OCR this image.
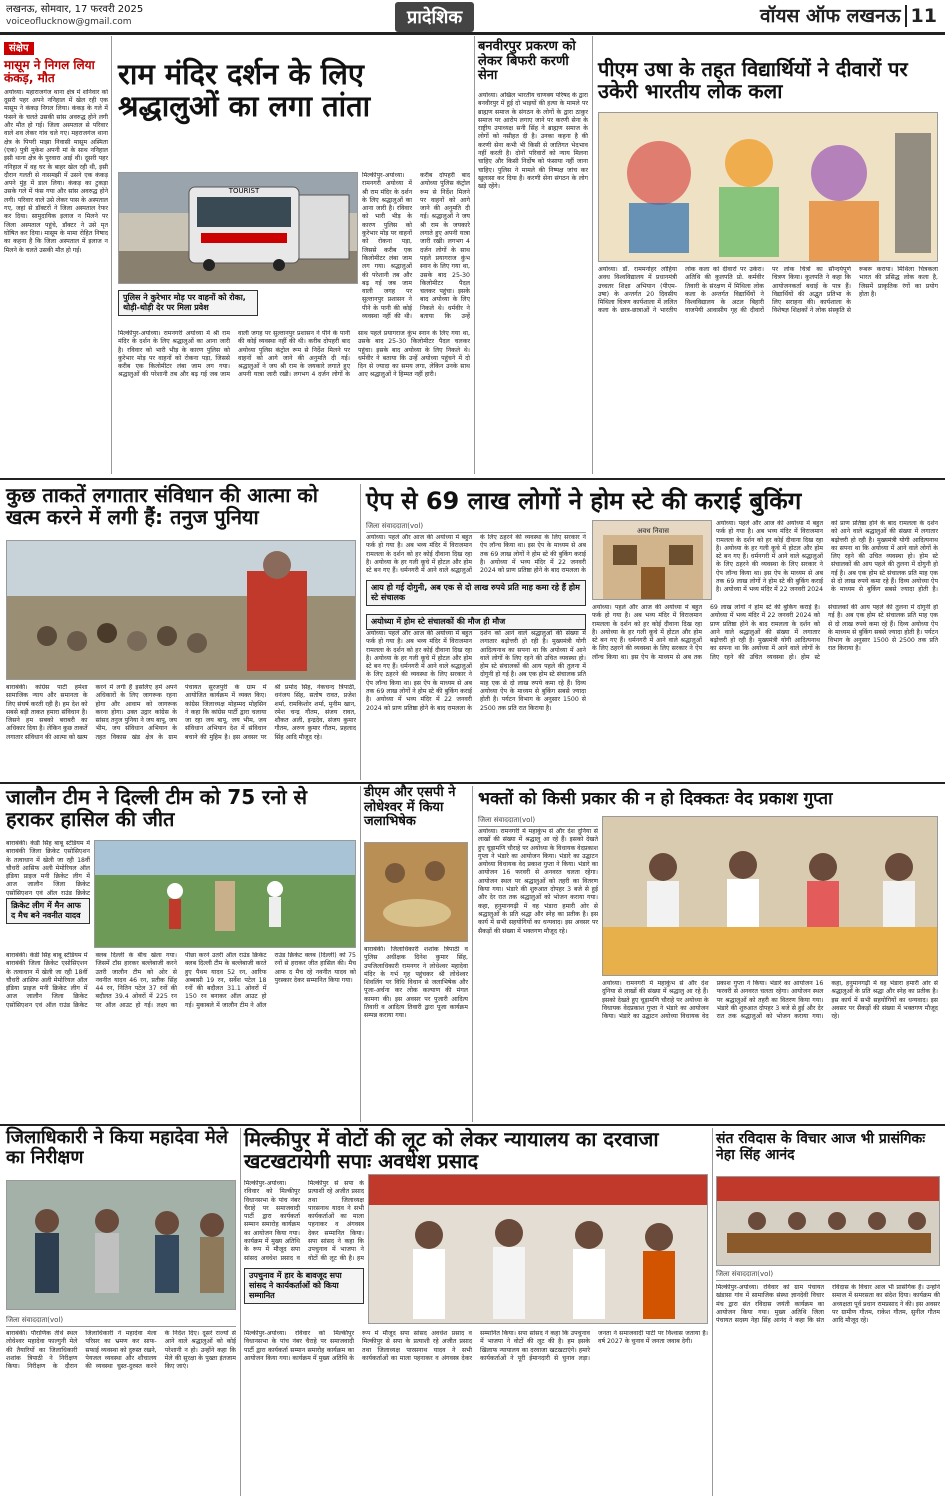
लखनऊ, सोमवार, 17 फरवरी 2025
voiceoflucknow@gmail.com	प्रादेशिक	वॉयस ऑफ लखनऊ 11
संक्षेप
मासूम ने निगल लिया कंकड़, मौत
अयोध्या। महाराजगंज थाना क्षेत्र में शनिवार को दूसरी पहर अपने ननिहाल में खेल रही एक मासूम ने कंकड़ निगल लिया। कंकड़ के गले में फंसने के चलते उसकी सांस अवरुद्ध होने लगी और मौत हो गई। जिला अस्पताल से परिवार वाले शव लेकर गांव चले गए। महराजगंज थाना क्षेत्र के पिपरी माझा निवासी मासूम अस्मिता (एक) पुत्री मुकेश अपनी मां के साथ ननिहाल इसी थाना क्षेत्र के पुरवारा आई थी। दूसरी पहर ननिहाल में वह घर के बाहर खेल रही थी, इसी दौरान गलती से नासमझी में उसने एक कंकड़ अपने मुंह में डाल लिया। कंकड़ का टुकड़ा उसके गले में फंस गया और सांस अवरुद्ध होने लगी। परिवार वाले उसे लेकर पास के अस्पताल गए, जहां से डॉक्टरों ने जिला अस्पताल रेफर कर दिया। सामुदायिक इलाज न मिलने पर जिला अस्पताल पहुंचे, डॉक्टर ने उसे मृत घोषित कर दिया। मासूम के मामा रोहित निषाद का कहना है कि जिला अस्पताल में इलाज न मिलने के चलते उसकी मौत हो गई।
राम मंदिर दर्शन के लिए श्रद्धालुओं का लगा तांता
TOURIST
पुलिस ने कुरेभार मोड़ पर वाहनों को रोका, थोड़ी-थोड़ी देर पर मिला प्रवेश
मिल्कीपुर-अयोध्या। रामनगरी अयोध्या में श्री राम मंदिर के दर्शन के लिए श्रद्धालुओं का आना जारी है। रविवार को भारी भीड़ के कारण पुलिस को कुरेभार मोड़ पर वाहनों को रोकना पड़ा, जिससे करीब एक किलोमीटर लंबा जाम लग गया। श्रद्धालुओं की परेशानी तब और बढ़ गई जब जाम वाली जगह पर सुल्तानपुर प्रशासन ने पीने के पानी की कोई व्यवस्था नहीं की थी। करीब दोपहरी बाद अयोध्या पुलिस कंट्रोल रूम से निर्देश मिलने पर वाहनों को आगे जाने की अनुमति दी गई। श्रद्धालुओं ने जय श्री राम के जयकारे लगाते हुए अपनी यात्रा जारी रखी। लगभग 4 दर्जन लोगों के साथ पहले प्रयागराज कुंभ स्नान के लिए गया था, उसके बाद 25-30 किलोमीटर पैदल चलकर पहुंचा। इसके बाद अयोध्या के लिए निकले थे। धर्मवीर ने बताया कि उन्हें अयोध्या पहुंचने में दो दिन से ज्यादा का समय लगा, लेकिन उनके साथ आए श्रद्धालुओं ने हिम्मत नहीं हारी।
मिल्कीपुर-अयोध्या। रामनगरी अयोध्या में श्री राम मंदिर के दर्शन के लिए श्रद्धालुओं का आना जारी है। रविवार को भारी भीड़ के कारण पुलिस को कुरेभार मोड़ पर वाहनों को रोकना पड़ा, जिससे करीब एक किलोमीटर लंबा जाम लग गया। श्रद्धालुओं की परेशानी तब और बढ़ गई जब जाम वाली जगह पर सुल्तानपुर प्रशासन ने पीने के पानी की कोई व्यवस्था नहीं की थी। करीब दोपहरी बाद अयोध्या पुलिस कंट्रोल रूम से निर्देश मिलने पर वाहनों को आगे जाने की अनुमति दी गई। श्रद्धालुओं ने जय श्री राम के जयकारे लगाते हुए अपनी यात्रा जारी रखी। लगभग 4 दर्जन लोगों के साथ पहले प्रयागराज कुंभ स्नान के लिए गया था, उसके बाद 25-30 किलोमीटर पैदल चलकर पहुंचा। इसके बाद अयोध्या के लिए निकले थे। धर्मवीर ने बताया कि उन्हें
बनवीरपुर प्रकरण को लेकर बिफरी करणी सेना
अयोध्या। अखिल भारतीय चाणक्य परिषद के द्वारा बनवीरपुर में हुई दो भाइयों की हत्या के मामले पर ब्राह्मण समाज के संगठन के लोगों के द्वारा ठाकुर समाज पर आरोप लगाए जाने पर करणी सेना के राष्ट्रीय उपाध्यक्ष सनी सिंह ने ब्राह्मण समाज के लोगों को नसीहत दी है। उनका कहना है की करणी सेना कभी भी किसी से जातिगत भेदभाव नहीं करती है। दोनों परिवारों को न्याय मिलना चाहिए और किसी निर्दोष को फंसाया नहीं जाना चाहिए। पुलिस ने मामले की निष्पक्ष जांच कर खुलासा कर दिया है। करणी सेना संगठन के लोग खड़े रहेंगे।
पीएम उषा के तहत विद्यार्थियों ने दीवारों पर उकेरी भारतीय लोक कला
अयोध्या। डॉ. राममनोहर लोहिया अवध विश्वविद्यालय में प्रधानमंत्री उच्चतर शिक्षा अभियान (पीएम-उषा) के अन्तर्गत 20 दिवसीय मिथिला चित्रण कार्यशाला में ललित कला के छात्र-छात्राओं ने भारतीय लोक कला को दीवारों पर उकेरा। अतिथि की कुलपति प्रो. कर्मवीर तिवारी के संरक्षण में मिथिला लोक कला के अन्तर्गत विद्यार्थियों ने विश्वविद्यालय के अटल बिहारी वाजपेयी आवासीय गृह की दीवारों पर लोक चित्रों का सौन्दर्यपूर्ण चित्रण किया। कुलपति ने कहा कि आयोजनकर्ता बधाई के पात्र हैं। विद्यार्थियों की अद्भुत प्रतिभा के लिए सराहना की। कार्यशाला के विशेषज्ञ शिक्षकों ने लोक संस्कृति से रूबरू कराया। मिथिला चित्रकला भारत की प्रसिद्ध लोक कला है, जिसमें प्राकृतिक रंगों का प्रयोग होता है।
कुछ ताकतें लगातार संविधान की आत्मा को खत्म करने में लगी हैं: तनुज पुनिया
बाराबंकी। कांग्रेस पार्टी हमेशा सामाजिक न्याय और समानता के लिए संघर्ष करती रही है। हम देश को सबसे बड़ी ताकत हमारा संविधान है। जिसने हम सबको बराबरी का अधिकार दिया है। लेकिन कुछ ताकतें लगातार संविधान की आत्मा को खत्म करने में लगी हैं इसलिए हमें अपने अधिकारों के लिए जागरूक रहना होगा और आवाम को जागरूक करना होगा। उक्त उद्गार कांग्रेस के सांसद तनुज पुनिया ने जय बापू, जय भीम, जय संविधान अभियान के तहत विकास खंड क्षेत्र के ग्राम पंचायत सुरजपुरी के ग्राम में आयोजित कार्यक्रम में व्यक्त किए। कांग्रेस जिलाध्यक्ष मोहम्मद मोहसिन ने कहा कि कांग्रेस पार्टी द्वारा चलाया जा रहा जय बापू, जय भीम, जय संविधान अभियान देश में संविधान बचाने की मुहिम है। इस अवसर पर श्री प्रमोद सिंह, नेकचन्द त्रिपाठी, धनंजय सिंह, सतोष रावत, प्रजेश शर्मा, रामकिशोर शर्मा, मुनीम खान, रमेश चन्द्र गौतम, संजय रावत, शौकत अली, इन्द्रदेव, संजय कुमार गौतम, अरुण कुमार गौतम, प्रहलाद सिंह आदि मौजूद रहे।
ऐप से 69 लाख लोगों ने होम स्टे की कराई बुकिंग
जिला संवाददाता(vol)
आय हो गई दोगुनी, अब एक से दो लाख रुपये प्रति माह कमा रहे हैं होम स्टे संचालक
अयोध्या में होम स्टे संचालकों की मौज ही मौज
अयोध्या। पहले और आज की अयोध्या में बहुत फर्क हो गया है। अब भव्य मंदिर में विराजमान रामलला के दर्शन को हर कोई दीवाना दिख रहा है। अयोध्या के हर गली कूचे में होटल और होम स्टे बन गए हैं। धर्मनगरी में आने वाले श्रद्धालुओं के लिए ठहरने की व्यवस्था के लिए सरकार ने ऐप लॉन्च किया था। इस ऐप के माध्यम से अब तक 69 लाख लोगों ने होम स्टे की बुकिंग कराई है। अयोध्या में भव्य मंदिर में 22 जनवरी 2024 को प्राण प्रतिष्ठा होने के बाद रामलला के
अयोध्या। पहले और आज की अयोध्या में बहुत फर्क हो गया है। अब भव्य मंदिर में विराजमान रामलला के दर्शन को हर कोई दीवाना दिख रहा है। अयोध्या के हर गली कूचे में होटल और होम स्टे बन गए हैं। धर्मनगरी में आने वाले श्रद्धालुओं के लिए ठहरने की व्यवस्था के लिए सरकार ने ऐप लॉन्च किया था। इस ऐप के माध्यम से अब तक 69 लाख लोगों ने होम स्टे की बुकिंग कराई है। अयोध्या में भव्य मंदिर में 22 जनवरी 2024 को प्राण प्रतिष्ठा होने के बाद रामलला के दर्शन को आने वाले श्रद्धालुओं की संख्या में लगातार बढ़ोत्तरी हो रही है। मुख्यमंत्री योगी आदित्यनाथ का सपना था कि अयोध्या में आने वाले लोगों के लिए रहने की उचित व्यवस्था हो। होम स्टे संचालकों की आय पहले की तुलना में दोगुनी हो गई है। अब एक होम स्टे संचालक प्रति माह एक से दो लाख रुपये कमा रहे हैं। दिव्य अयोध्या ऐप के माध्यम से बुकिंग सबसे ज्यादा होती है। पर्यटन विभाग के अनुसार 1500 से 2500 तक प्रति रात किराया है।
अवध निवास
अयोध्या। पहले और आज की अयोध्या में बहुत फर्क हो गया है। अब भव्य मंदिर में विराजमान रामलला के दर्शन को हर कोई दीवाना दिख रहा है। अयोध्या के हर गली कूचे में होटल और होम स्टे बन गए हैं। धर्मनगरी में आने वाले श्रद्धालुओं के लिए ठहरने की व्यवस्था के लिए सरकार ने ऐप लॉन्च किया था। इस ऐप के माध्यम से अब तक 69 लाख लोगों ने होम स्टे की बुकिंग कराई है। अयोध्या में भव्य मंदिर में 22 जनवरी 2024 को प्राण प्रतिष्ठा होने के बाद रामलला के दर्शन को आने वाले श्रद्धालुओं की संख्या में लगातार बढ़ोत्तरी हो रही है। मुख्यमंत्री योगी आदित्यनाथ का सपना था कि अयोध्या में आने वाले लोगों के लिए रहने की उचित व्यवस्था हो। होम स्टे संचालकों की आय पहले की तुलना में दोगुनी हो गई है। अब एक होम स्टे संचालक प्रति माह एक से दो लाख रुपये कमा रहे हैं। दिव्य अयोध्या ऐप के माध्यम से बुकिंग सबसे ज्यादा होती है। पर्यटन विभाग के अनुसार 1500 से 2500 तक प्रति रात किराया है।
अयोध्या। पहले और आज की अयोध्या में बहुत फर्क हो गया है। अब भव्य मंदिर में विराजमान रामलला के दर्शन को हर कोई दीवाना दिख रहा है। अयोध्या के हर गली कूचे में होटल और होम स्टे बन गए हैं। धर्मनगरी में आने वाले श्रद्धालुओं के लिए ठहरने की व्यवस्था के लिए सरकार ने ऐप लॉन्च किया था। इस ऐप के माध्यम से अब तक 69 लाख लोगों ने होम स्टे की बुकिंग कराई है। अयोध्या में भव्य मंदिर में 22 जनवरी 2024 को प्राण प्रतिष्ठा होने के बाद रामलला के दर्शन को आने वाले श्रद्धालुओं की संख्या में लगातार बढ़ोत्तरी हो रही है। मुख्यमंत्री योगी आदित्यनाथ का सपना था कि अयोध्या में आने वाले लोगों के लिए रहने की उचित व्यवस्था हो। होम स्टे संचालकों की आय पहले की तुलना में दोगुनी हो गई है। अब एक होम स्टे संचालक प्रति माह एक से दो लाख रुपये कमा रहे हैं। दिव्य अयोध्या ऐप के माध्यम से बुकिंग सबसे ज्यादा होती है।
जालौन टीम ने दिल्ली टीम को 75 रनो से हराकर हासिल की जीत
बाराबंकी। केडी सिंह बाबू स्टेडियम में बाराबंकी जिला क्रिकेट एसोसिएशन के तत्वाधान में खेली जा रही 18वीं चौधरी आसिफ अली मेमोरियल ऑल इंडिया प्राइज मनी क्रिकेट लीग में आज जालौन जिला क्रिकेट एसोसिएशन एवं ऑल राउंड क्रिकेट
क्रिकेट लीग में मैन आफ द मैच बने नवनीत यादव
बाराबंकी। केडी सिंह बाबू स्टेडियम में बाराबंकी जिला क्रिकेट एसोसिएशन के तत्वाधान में खेली जा रही 18वीं चौधरी आसिफ अली मेमोरियल ऑल इंडिया प्राइज मनी क्रिकेट लीग में आज जालौन जिला क्रिकेट एसोसिएशन एवं ऑल राउंड क्रिकेट क्लब दिल्ली के बीच खेला गया। जिसमें टॉस हारकर बल्लेबाजी करने उतरी जालौन टीम को ओर से नवनीत यादव 46 रन, प्रतीक सिंह 44 रन, नितिन पटेल 37 रनों की बदौलत 39.4 ओवरों में 225 रन पर ऑल आउट हो गई। लक्ष्य का पीछा करने उतरी ऑल राउंड क्रिकेट क्लब दिल्ली टीम के बल्लेबाजी करते हुए पैथम यादव 52 रन, आरिफ अब्बासी 19 रन, सर्वेश पटेल 18 रनों की बदौलत 31.1 ओवरों में 150 रन बनाकर ऑल आउट हो गई। मुकाबले में जालौन टीम ने ऑल राउंड क्रिकेट क्लब (दिल्ली) को 75 रनों से हराकर जीत हासिल की। मैच आफ द मैच रहे नवनीत यादव को पुरस्कार देकर सम्मानित किया गया।
डीएम और एसपी ने लोधेश्वर में किया जलाभिषेक
बाराबंकी। जिलाधिकारी शशांक त्रिपाठी व पुलिस अधीक्षक दिनेश कुमार सिंह, उपजिलाधिकारी रामनगर ने लोधेश्वर महादेवा मंदिर के गर्भ गृह पहुंचकर श्री लोधेश्वर शिवलिंग पर विधि विधान से जलाभिषेक और पूजा-अर्चना कर लोक कल्याण की मंगल कामना की। इस अवसर पर पुजारी आदित्य तिवारी व आदित्य तिवारी द्वारा पूजा कार्यक्रम सम्पन्न कराया गया।
भक्तों को किसी प्रकार की न हो दिक्कतः वेद प्रकाश गुप्ता
जिला संवाददाता(vol)
अयोध्या। रामनगरी में महाकुंभ से और देश दुनिया से लाखों की संख्या में श्रद्धालु आ रहे हैं। इसको देखते हुए चूड़ामणि चौराहे पर अयोध्या के विधायक वेदप्रकाश गुप्ता ने भंडारे का आयोजन किया। भंडारे का उद्घाटन अयोध्या विधायक वेद प्रकाश गुप्ता ने किया। भंडारे का आयोजन 16 फरवरी से अनवरत चलता रहेगा। आयोजन स्थल पर श्रद्धालुओं को तहरी का वितरण किया गया। भंडारे की शुरुआत दोपहर 3 बजे से हुई और देर रात तक श्रद्धालुओं को भोजन कराया गया। कहा, हनुमानगढ़ी में वह भंडारा हमारी ओर से श्रद्धालुओं के प्रति श्रद्धा और स्नेह का प्रतीक है। इस कार्य में सभी सहयोगियों का धन्यवाद। इस अवसर पर सैकड़ों की संख्या में भक्तगण मौजूद रहे।
अयोध्या। रामनगरी में महाकुंभ से और देश दुनिया से लाखों की संख्या में श्रद्धालु आ रहे हैं। इसको देखते हुए चूड़ामणि चौराहे पर अयोध्या के विधायक वेदप्रकाश गुप्ता ने भंडारे का आयोजन किया। भंडारे का उद्घाटन अयोध्या विधायक वेद प्रकाश गुप्ता ने किया। भंडारे का आयोजन 16 फरवरी से अनवरत चलता रहेगा। आयोजन स्थल पर श्रद्धालुओं को तहरी का वितरण किया गया। भंडारे की शुरुआत दोपहर 3 बजे से हुई और देर रात तक श्रद्धालुओं को भोजन कराया गया। कहा, हनुमानगढ़ी में वह भंडारा हमारी ओर से श्रद्धालुओं के प्रति श्रद्धा और स्नेह का प्रतीक है। इस कार्य में सभी सहयोगियों का धन्यवाद। इस अवसर पर सैकड़ों की संख्या में भक्तगण मौजूद रहे।
जिलाधिकारी ने किया महादेवा मेले का निरीक्षण
जिला संवाददाता(vol)
बाराबंकी। पौराणिक तीर्थ स्थल लोधेश्वर महादेवा फाल्गुनी मेले की तैयारियों का जिलाधिकारी शशांक त्रिपाठी ने निरीक्षण किया। निरीक्षण के दौरान जिलाधिकारी ने महादेवा मेला परिसर का भ्रमण कर साफ-सफाई व्यवस्था को दुरुस्त रखने, पेयजल व्यवस्था और शौचालय की व्यवस्था चुस्त-दुरुस्त करने के निर्देश दिए। दूसरे राज्यों से आने वाले श्रद्धालुओं को कोई परेशानी न हो। उन्होंने कहा कि मेले की सुरक्षा के पुख्ता इंतजाम किए जाएं।
मिल्कीपुर में वोटों की लूट को लेकर न्यायालय का दरवाजा खटखटायेगी सपाः अवधेश प्रसाद
मिल्कीपुर-अयोध्या। रविवार को मिल्कीपुर विधानसभा के पांच नंबर चैराहे पर समाजवादी पार्टी द्वारा कार्यकर्ता सम्मान समारोह कार्यक्रम का आयोजन किया गया। कार्यक्रम में मुख्य अतिथि के रूप में मौजूद सपा सांसद अवधेश प्रसाद व मिल्कीपुर से सपा के प्रत्याशी रहे अजीत प्रसाद तथा जिलाध्यक्ष पारसनाथ यादव ने सभी कार्यकर्ताओं का माला पहनाकर व अंगवस्त्र देकर सम्मानित किया। सपा सांसद ने कहा कि उपचुनाव में भाजपा ने वोटों की लूट की है। हम
उपचुनाव में हार के बावजूद सपा सांसद ने कार्यकर्ताओं को किया सम्मानित
मिल्कीपुर-अयोध्या। रविवार को मिल्कीपुर विधानसभा के पांच नंबर चैराहे पर समाजवादी पार्टी द्वारा कार्यकर्ता सम्मान समारोह कार्यक्रम का आयोजन किया गया। कार्यक्रम में मुख्य अतिथि के रूप में मौजूद सपा सांसद अवधेश प्रसाद व मिल्कीपुर से सपा के प्रत्याशी रहे अजीत प्रसाद तथा जिलाध्यक्ष पारसनाथ यादव ने सभी कार्यकर्ताओं का माला पहनाकर व अंगवस्त्र देकर सम्मानित किया। सपा सांसद ने कहा कि उपचुनाव में भाजपा ने वोटों की लूट की है। हम इसके खिलाफ न्यायालय का दरवाजा खटखटाएंगे। हमारे कार्यकर्ताओं ने पूरी ईमानदारी से चुनाव लड़ा। जनता ने समाजवादी पार्टी पर विश्वास जताया है। वर्ष 2027 के चुनाव में जनता जवाब देगी।
संत रविदास के विचार आज भी प्रासंगिकः नेहा सिंह आनंद
जिला संवाददाता(vol)
मिल्कीपुर-अयोध्या। रविवार को ग्राम पंचायत खंडासा गांव में सामाजिक संस्था ज्ञानदेवी विचार मंच द्वारा संत रविदास जयंती कार्यक्रम का आयोजन किया गया। मुख्य अतिथि जिला पंचायत सदस्य नेहा सिंह आनंद ने कहा कि संत रविदास के विचार आज भी प्रासंगिक हैं। उन्होंने समाज में समरसता का संदेश दिया। कार्यक्रम की अध्यक्षता पूर्व प्रधान रामप्रसाद ने की। इस अवसर पर ग्रामीण गौतम, राकेश गौतम, सुनील गौतम आदि मौजूद रहे।
